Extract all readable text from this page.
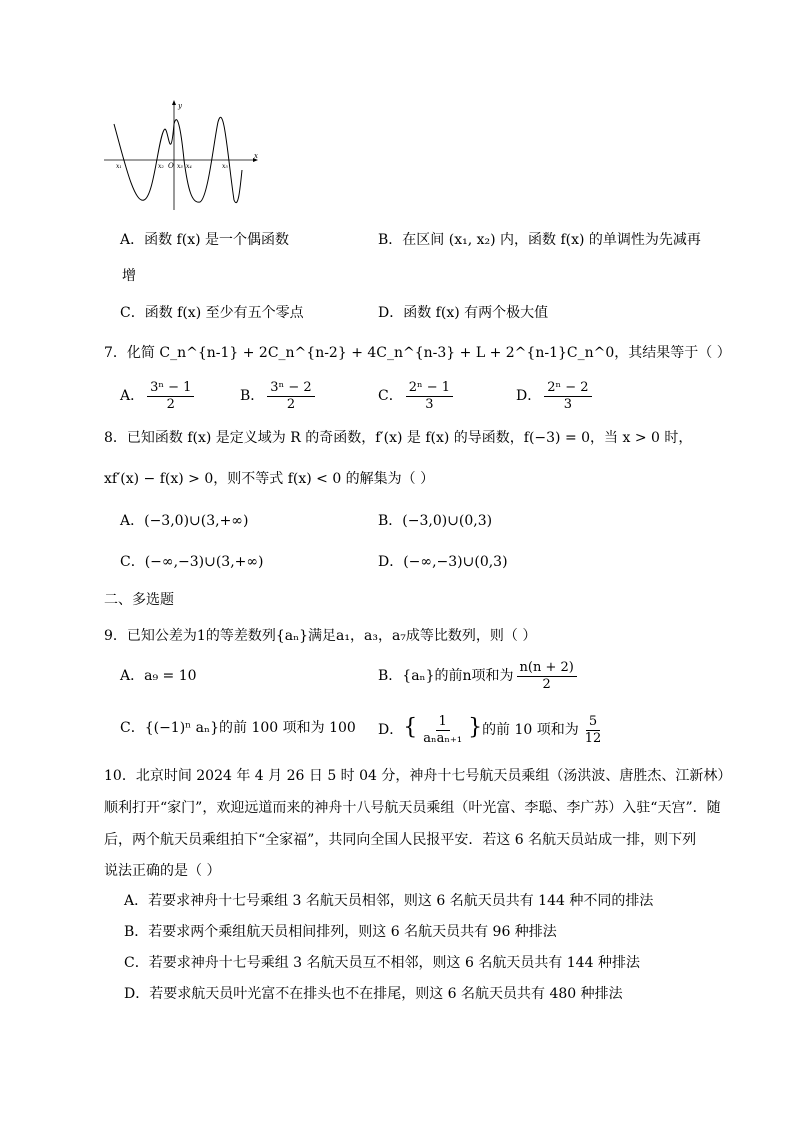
y
x
O
x₁	x₂ x₃ x₄	x₅
A．函数 f(x) 是一个偶函数	B．在区间 (x₁, x₂) 内，函数 f(x) 的单调性为先减再
增
C．函数 f(x) 至少有五个零点	D．函数 f(x) 有两个极大值
7．化简 C_n^{n-1} + 2C_n^{n-2} + 4C_n^{n-3} + L + 2^{n-1}C_n^0，其结果等于（ ）
A． $\frac{\text{3ⁿ − 1}}{2}$	B． $\frac{\text{3ⁿ − 2}}{2}$	C． $\frac{\text{2ⁿ − 1}}{3}$	D． $\frac{\text{2ⁿ − 2}}{3}$
8．已知函数 f(x) 是定义域为 R 的奇函数，f′(x) 是 f(x) 的导函数，f(−3) = 0，当 x > 0 时，
xf′(x) − f(x) > 0，则不等式 f(x) < 0 的解集为（ ）
A．(−3,0)∪(3,+∞)	B．(−3,0)∪(0,3)
C．(−∞,−3)∪(3,+∞)	D．(−∞,−3)∪(0,3)
二、多选题
9．已知公差为1的等差数列{aₙ}满足a₁，a₃，a₇成等比数列，则（ ）
A．a₉ = 10	B．{aₙ}的前n项和为 $\frac{n(n + 2)}{2}$
C．{(−1)ⁿ aₙ}的前 100 项和为 100 D．{ $\frac{1}{\text{aₙaₙ₊₁}}$ }的前 10 项和为 $\frac{5}{12}$
10．北京时间 2024 年 4 月 26 日 5 时 04 分，神舟十七号航天员乘组（汤洪波、唐胜杰、江新林）
顺利打开“家门”，欢迎远道而来的神舟十八号航天员乘组（叶光富、李聪、李广苏）入驻“天宫”．随
后，两个航天员乘组拍下“全家福”，共同向全国人民报平安．若这 6 名航天员站成一排，则下列
说法正确的是（ ）
A．若要求神舟十七号乘组 3 名航天员相邻，则这 6 名航天员共有 144 种不同的排法
B．若要求两个乘组航天员相间排列，则这 6 名航天员共有 96 种排法
C．若要求神舟十七号乘组 3 名航天员互不相邻，则这 6 名航天员共有 144 种排法
D．若要求航天员叶光富不在排头也不在排尾，则这 6 名航天员共有 480 种排法
